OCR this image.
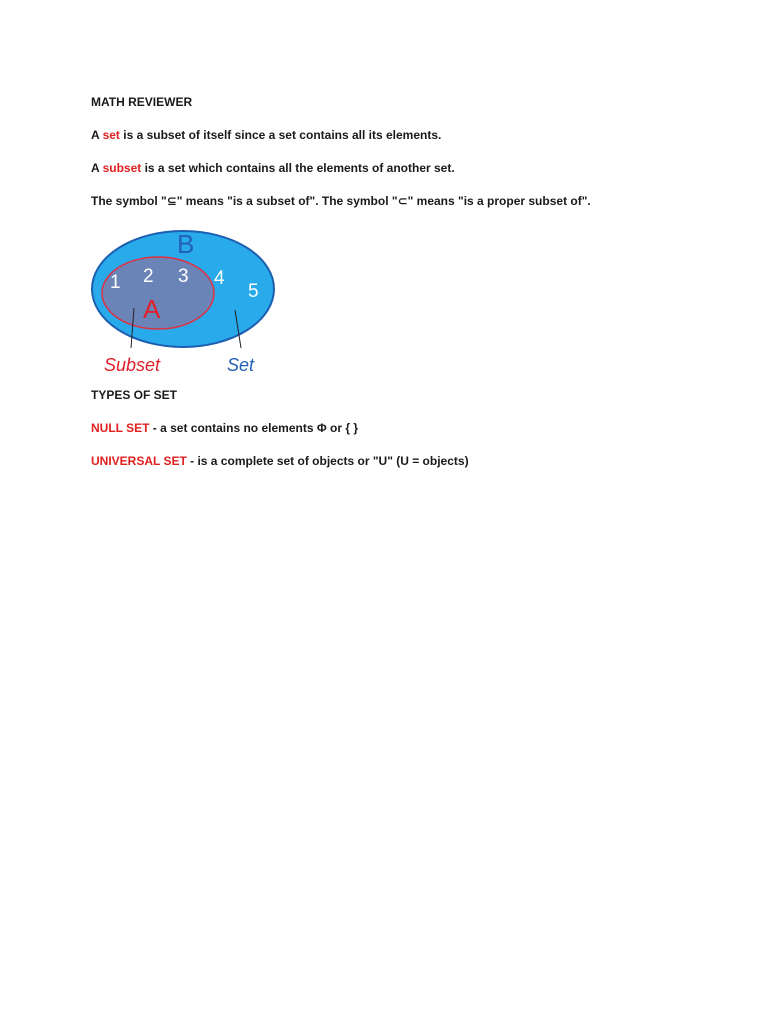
MATH REVIEWER
A set is a subset of itself since a set contains all its elements.
A subset is a set which contains all the elements of another set.
The symbol "⊆" means "is a subset of". The symbol "⊂" means "is a proper subset of".
B
A
1 2 3 4
5
Subset	Set
TYPES OF SET
NULL SET - a set contains no elements Φ or { }
UNIVERSAL SET - is a complete set of objects or "U" (U = objects)
